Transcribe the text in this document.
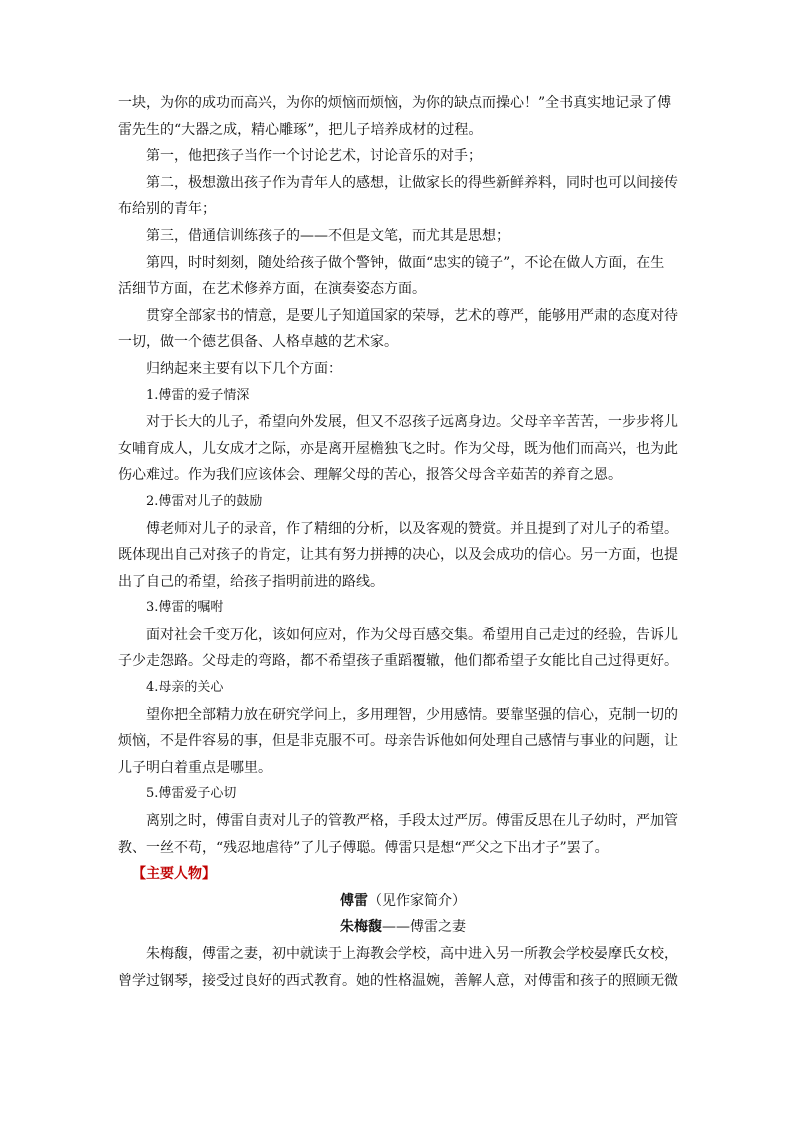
一块，为你的成功而高兴，为你的烦恼而烦恼，为你的缺点而操心！”全书真实地记录了傅
雷先生的“大器之成，精心雕琢”，把儿子培养成材的过程。
第一，他把孩子当作一个讨论艺术，讨论音乐的对手；
第二，极想激出孩子作为青年人的感想，让做家长的得些新鲜养料，同时也可以间接传
布给别的青年；
第三，借通信训练孩子的——不但是文笔，而尤其是思想；
第四，时时刻刻，随处给孩子做个警钟，做面“忠实的镜子”，不论在做人方面，在生
活细节方面，在艺术修养方面，在演奏姿态方面。
贯穿全部家书的情意，是要儿子知道国家的荣辱，艺术的尊严，能够用严肃的态度对待
一切，做一个德艺俱备、人格卓越的艺术家。
归纳起来主要有以下几个方面：
1.傅雷的爱子情深
对于长大的儿子，希望向外发展，但又不忍孩子远离身边。父母辛辛苦苦，一步步将儿
女哺育成人，儿女成才之际，亦是离开屋檐独飞之时。作为父母，既为他们而高兴，也为此
伤心难过。作为我们应该体会、理解父母的苦心，报答父母含辛茹苦的养育之恩。
2.傅雷对儿子的鼓励
傅老师对儿子的录音，作了精细的分析，以及客观的赞赏。并且提到了对儿子的希望。
既体现出自己对孩子的肯定，让其有努力拼搏的决心，以及会成功的信心。另一方面，也提
出了自己的希望，给孩子指明前进的路线。
3.傅雷的嘱咐
面对社会千变万化，该如何应对，作为父母百感交集。希望用自己走过的经验，告诉儿
子少走怨路。父母走的弯路，都不希望孩子重蹈覆辙，他们都希望子女能比自己过得更好。
4.母亲的关心
望你把全部精力放在研究学问上，多用理智，少用感情。要靠坚强的信心，克制一切的
烦恼，不是件容易的事，但是非克服不可。母亲告诉他如何处理自己感情与事业的问题，让
儿子明白着重点是哪里。
5.傅雷爱子心切
离别之时，傅雷自责对儿子的管教严格，手段太过严厉。傅雷反思在儿子幼时，严加管
教、一丝不苟，“残忍地虐待”了儿子傅聪。傅雷只是想“严父之下出才子”罢了。
【主要人物】
傅雷（见作家简介）
朱梅馥——傅雷之妻
朱梅馥，傅雷之妻，初中就读于上海教会学校，高中进入另一所教会学校晏摩氏女校，
曾学过钢琴，接受过良好的西式教育。她的性格温婉，善解人意，对傅雷和孩子的照顾无微
